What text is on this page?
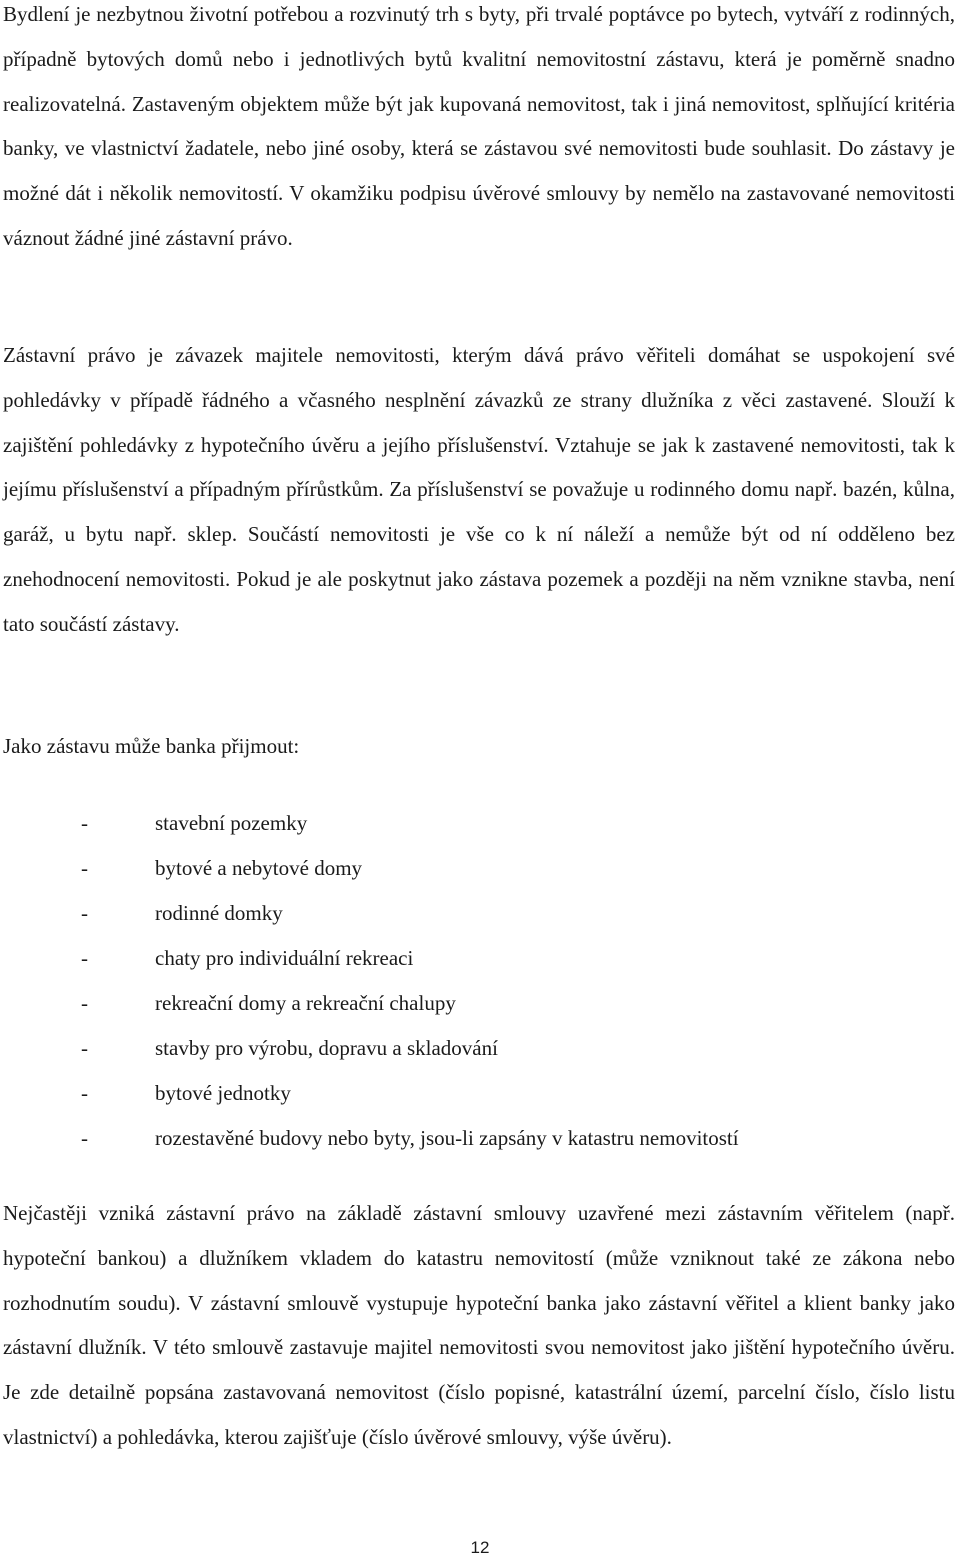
Bydlení je nezbytnou životní potřebou a rozvinutý trh s byty, při trvalé poptávce po bytech, vytváří z rodinných, případně bytových domů nebo i jednotlivých bytů kvalitní nemovitostní zástavu, která je poměrně snadno realizovatelná. Zastaveným objektem může být jak kupovaná nemovitost, tak i jiná nemovitost, splňující kritéria banky, ve vlastnictví žadatele, nebo jiné osoby, která se zástavou své nemovitosti bude souhlasit. Do zástavy je možné dát i několik nemovitostí. V okamžiku podpisu úvěrové smlouvy by nemělo na zastavované nemovitosti váznout žádné jiné zástavní právo.

Zástavní právo je závazek majitele nemovitosti, kterým dává právo věřiteli domáhat se uspokojení své pohledávky v případě řádného a včasného nesplnění závazků ze strany dlužníka z věci zastavené. Slouží k zajištění pohledávky z hypotečního úvěru a jejího příslušenství. Vztahuje se jak k zastavené nemovitosti, tak k jejímu příslušenství a případným přírůstkům. Za příslušenství se považuje u rodinného domu např. bazén, kůlna, garáž, u bytu např. sklep. Součástí nemovitosti je vše co k ní náleží a nemůže být od ní odděleno bez znehodnocení nemovitosti. Pokud je ale poskytnut jako zástava pozemek a později na něm vznikne stavba, není tato součástí zástavy.

Jako zástavu může banka přijmout:

-	stavební pozemky
-	bytové a nebytové domy
-	rodinné domky
-	chaty pro individuální rekreaci
-	rekreační domy a rekreační chalupy
-	stavby pro výrobu, dopravu a skladování
-	bytové jednotky
-	rozestavěné budovy nebo byty, jsou-li zapsány v katastru nemovitostí

Nejčastěji vzniká zástavní právo na základě zástavní smlouvy uzavřené mezi zástavním věřitelem (např. hypoteční bankou) a dlužníkem vkladem do katastru nemovitostí (může vzniknout také ze zákona nebo rozhodnutím soudu). V zástavní smlouvě vystupuje hypoteční banka jako zástavní věřitel a klient banky jako zástavní dlužník. V této smlouvě zastavuje majitel nemovitosti svou nemovitost jako jištění hypotečního úvěru. Je zde detailně popsána zastavovaná nemovitost (číslo popisné, katastrální území, parcelní číslo, číslo listu vlastnictví) a pohledávka, kterou zajišťuje (číslo úvěrové smlouvy, výše úvěru).

12
